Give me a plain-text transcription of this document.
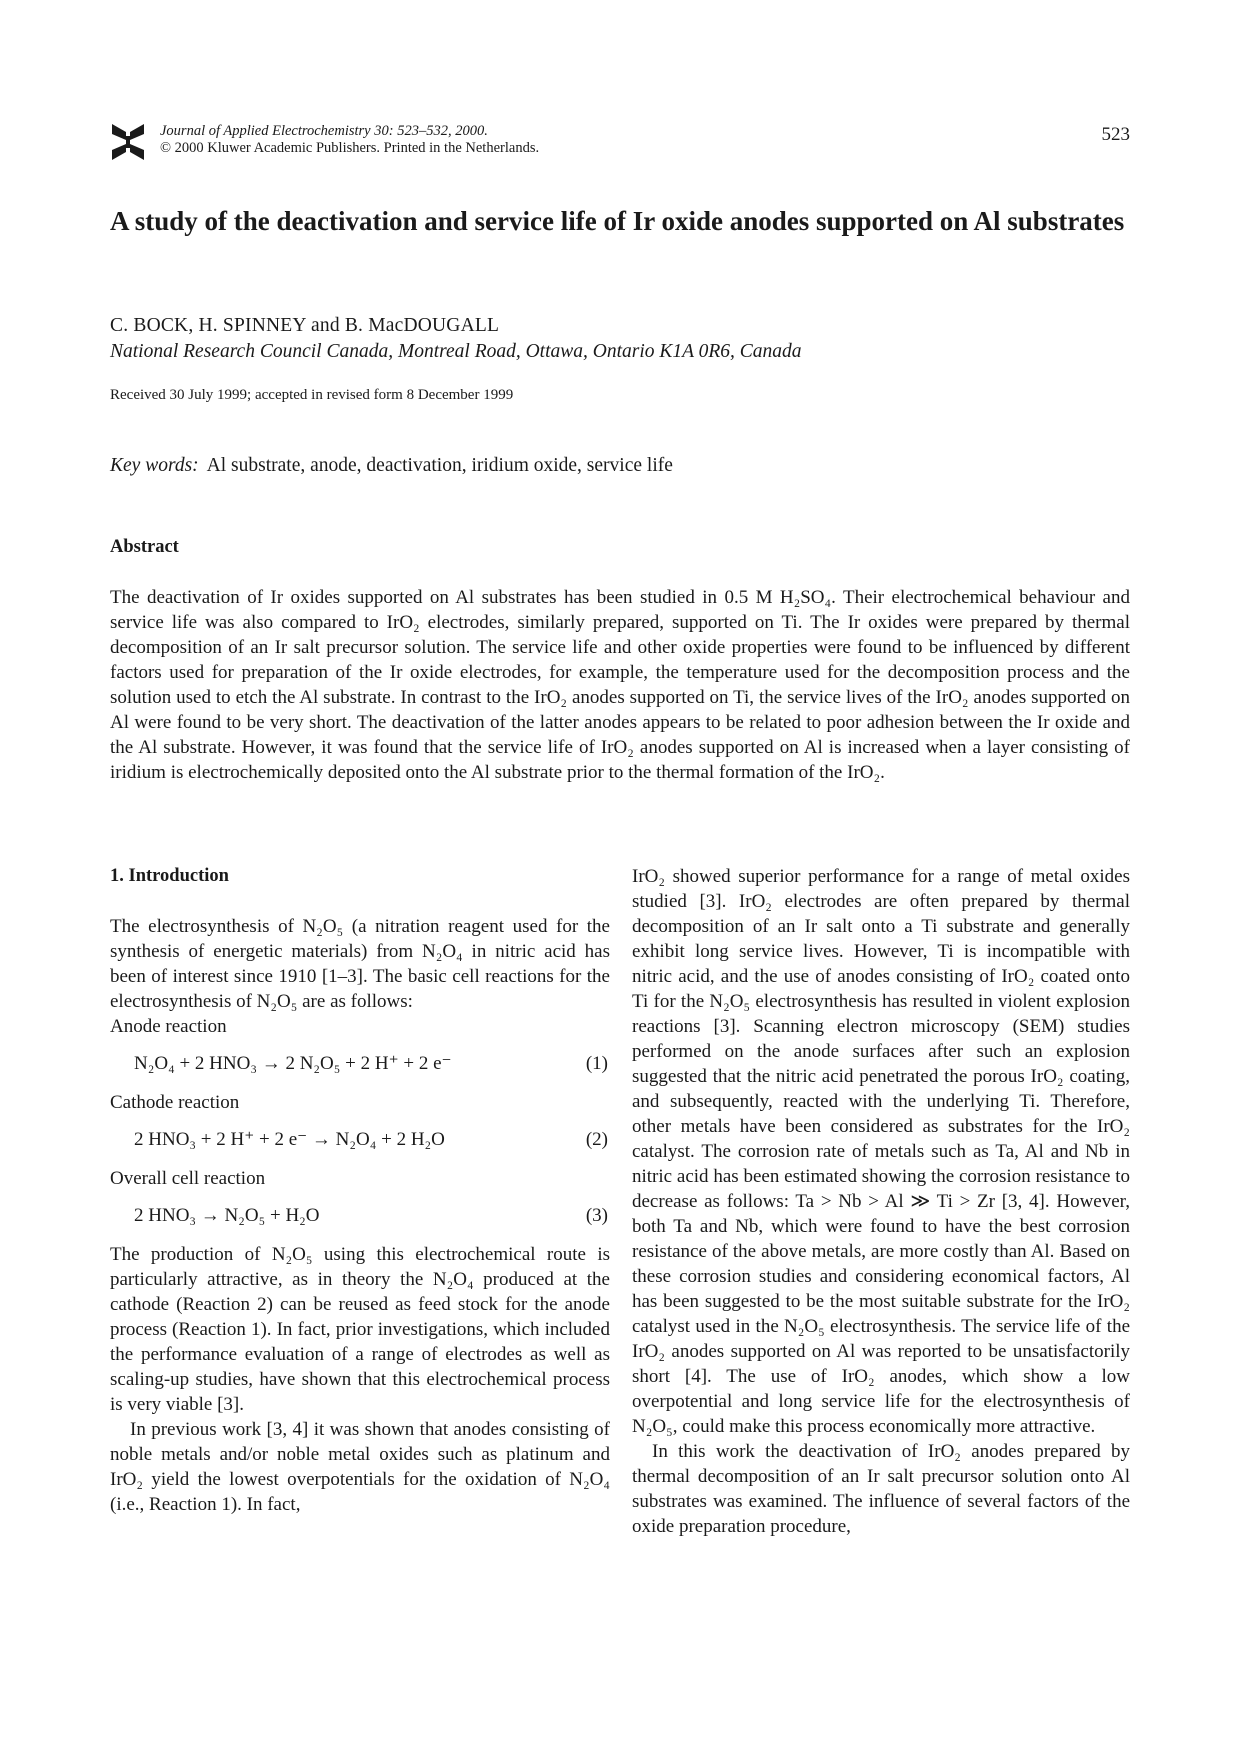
Journal of Applied Electrochemistry 30: 523–532, 2000.
© 2000 Kluwer Academic Publishers. Printed in the Netherlands.
523
A study of the deactivation and service life of Ir oxide anodes supported on Al substrates
C. BOCK, H. SPINNEY and B. MacDOUGALL
National Research Council Canada, Montreal Road, Ottawa, Ontario K1A 0R6, Canada
Received 30 July 1999; accepted in revised form 8 December 1999
Key words: Al substrate, anode, deactivation, iridium oxide, service life
Abstract
The deactivation of Ir oxides supported on Al substrates has been studied in 0.5 M H₂SO₄. Their electrochemical behaviour and service life was also compared to IrO₂ electrodes, similarly prepared, supported on Ti. The Ir oxides were prepared by thermal decomposition of an Ir salt precursor solution. The service life and other oxide properties were found to be influenced by different factors used for preparation of the Ir oxide electrodes, for example, the temperature used for the decomposition process and the solution used to etch the Al substrate. In contrast to the IrO₂ anodes supported on Ti, the service lives of the IrO₂ anodes supported on Al were found to be very short. The deactivation of the latter anodes appears to be related to poor adhesion between the Ir oxide and the Al substrate. However, it was found that the service life of IrO₂ anodes supported on Al is increased when a layer consisting of iridium is electrochemically deposited onto the Al substrate prior to the thermal formation of the IrO₂.
1. Introduction

The electrosynthesis of N₂O₅ (a nitration reagent used for the synthesis of energetic materials) from N₂O₄ in nitric acid has been of interest since 1910 [1–3]. The basic cell reactions for the electrosynthesis of N₂O₅ are as follows:

Anode reaction
N₂O₄ + 2 HNO₃ → 2 N₂O₅ + 2 H⁺ + 2 e⁻	(1)
Cathode reaction
2 HNO₃ + 2 H⁺ + 2 e⁻ → N₂O₄ + 2 H₂O	(2)
Overall cell reaction
2 HNO₃ → N₂O₅ + H₂O	(3)

The production of N₂O₅ using this electrochemical route is particularly attractive, as in theory the N₂O₄ produced at the cathode (Reaction 2) can be reused as feed stock for the anode process (Reaction 1). In fact, prior investigations, which included the performance evaluation of a range of electrodes as well as scaling-up studies, have shown that this electrochemical process is very viable [3].

In previous work [3, 4] it was shown that anodes consisting of noble metals and/or noble metal oxides such as platinum and IrO₂ yield the lowest overpotentials for the oxidation of N₂O₄ (i.e., Reaction 1). In fact,

IrO₂ showed superior performance for a range of metal oxides studied [3]. IrO₂ electrodes are often prepared by thermal decomposition of an Ir salt onto a Ti substrate and generally exhibit long service lives. However, Ti is incompatible with nitric acid, and the use of anodes consisting of IrO₂ coated onto Ti for the N₂O₅ electrosynthesis has resulted in violent explosion reactions [3]. Scanning electron microscopy (SEM) studies performed on the anode surfaces after such an explosion suggested that the nitric acid penetrated the porous IrO₂ coating, and subsequently, reacted with the underlying Ti. Therefore, other metals have been considered as substrates for the IrO₂ catalyst. The corrosion rate of metals such as Ta, Al and Nb in nitric acid has been estimated showing the corrosion resistance to decrease as follows: Ta > Nb > Al ≫ Ti > Zr [3, 4]. However, both Ta and Nb, which were found to have the best corrosion resistance of the above metals, are more costly than Al. Based on these corrosion studies and considering economical factors, Al has been suggested to be the most suitable substrate for the IrO₂ catalyst used in the N₂O₅ electrosynthesis. The service life of the IrO₂ anodes supported on Al was reported to be unsatisfactorily short [4]. The use of IrO₂ anodes, which show a low overpotential and long service life for the electrosynthesis of N₂O₅, could make this process economically more attractive.

In this work the deactivation of IrO₂ anodes prepared by thermal decomposition of an Ir salt precursor solution onto Al substrates was examined. The influence of several factors of the oxide preparation procedure,
